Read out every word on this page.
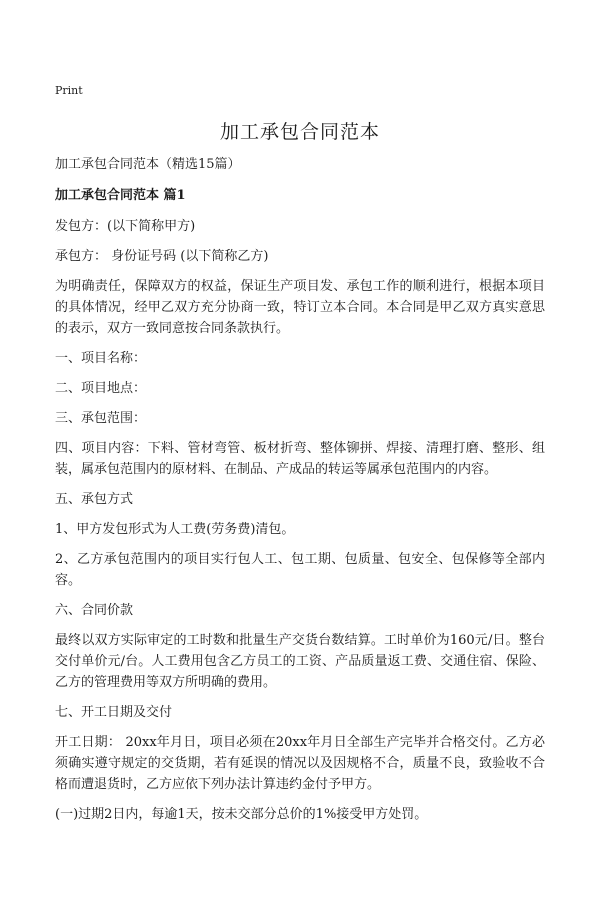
Print
加工承包合同范本

加工承包合同范本（精选15篇）

加工承包合同范本 篇1

发包方：(以下简称甲方)

承包方： 身份证号码 (以下简称乙方)

为明确责任，保障双方的权益，保证生产项目发、承包工作的顺利进行，根据本项目的具体情况，经甲乙双方充分协商一致，特订立本合同。本合同是甲乙双方真实意思的表示，双方一致同意按合同条款执行。

一、项目名称：

二、项目地点：

三、承包范围：

四、项目内容：下料、管材弯管、板材折弯、整体铆拼、焊接、清理打磨、整形、组装，属承包范围内的原材料、在制品、产成品的转运等属承包范围内的内容。

五、承包方式

1、甲方发包形式为人工费(劳务费)清包。

2、乙方承包范围内的项目实行包人工、包工期、包质量、包安全、包保修等全部内容。

六、合同价款

最终以双方实际审定的工时数和批量生产交货台数结算。工时单价为160元/日。整台交付单价元/台。人工费用包含乙方员工的工资、产品质量返工费、交通住宿、保险、乙方的管理费用等双方所明确的费用。

七、开工日期及交付

开工日期： 20xx年月日，项目必须在20xx年月日全部生产完毕并合格交付。乙方必须确实遵守规定的交货期，若有延误的情况以及因规格不合，质量不良，致验收不合格而遭退货时，乙方应依下列办法计算违约金付予甲方。

(一)过期2日内，每逾1天，按未交部分总价的1%接受甲方处罚。
